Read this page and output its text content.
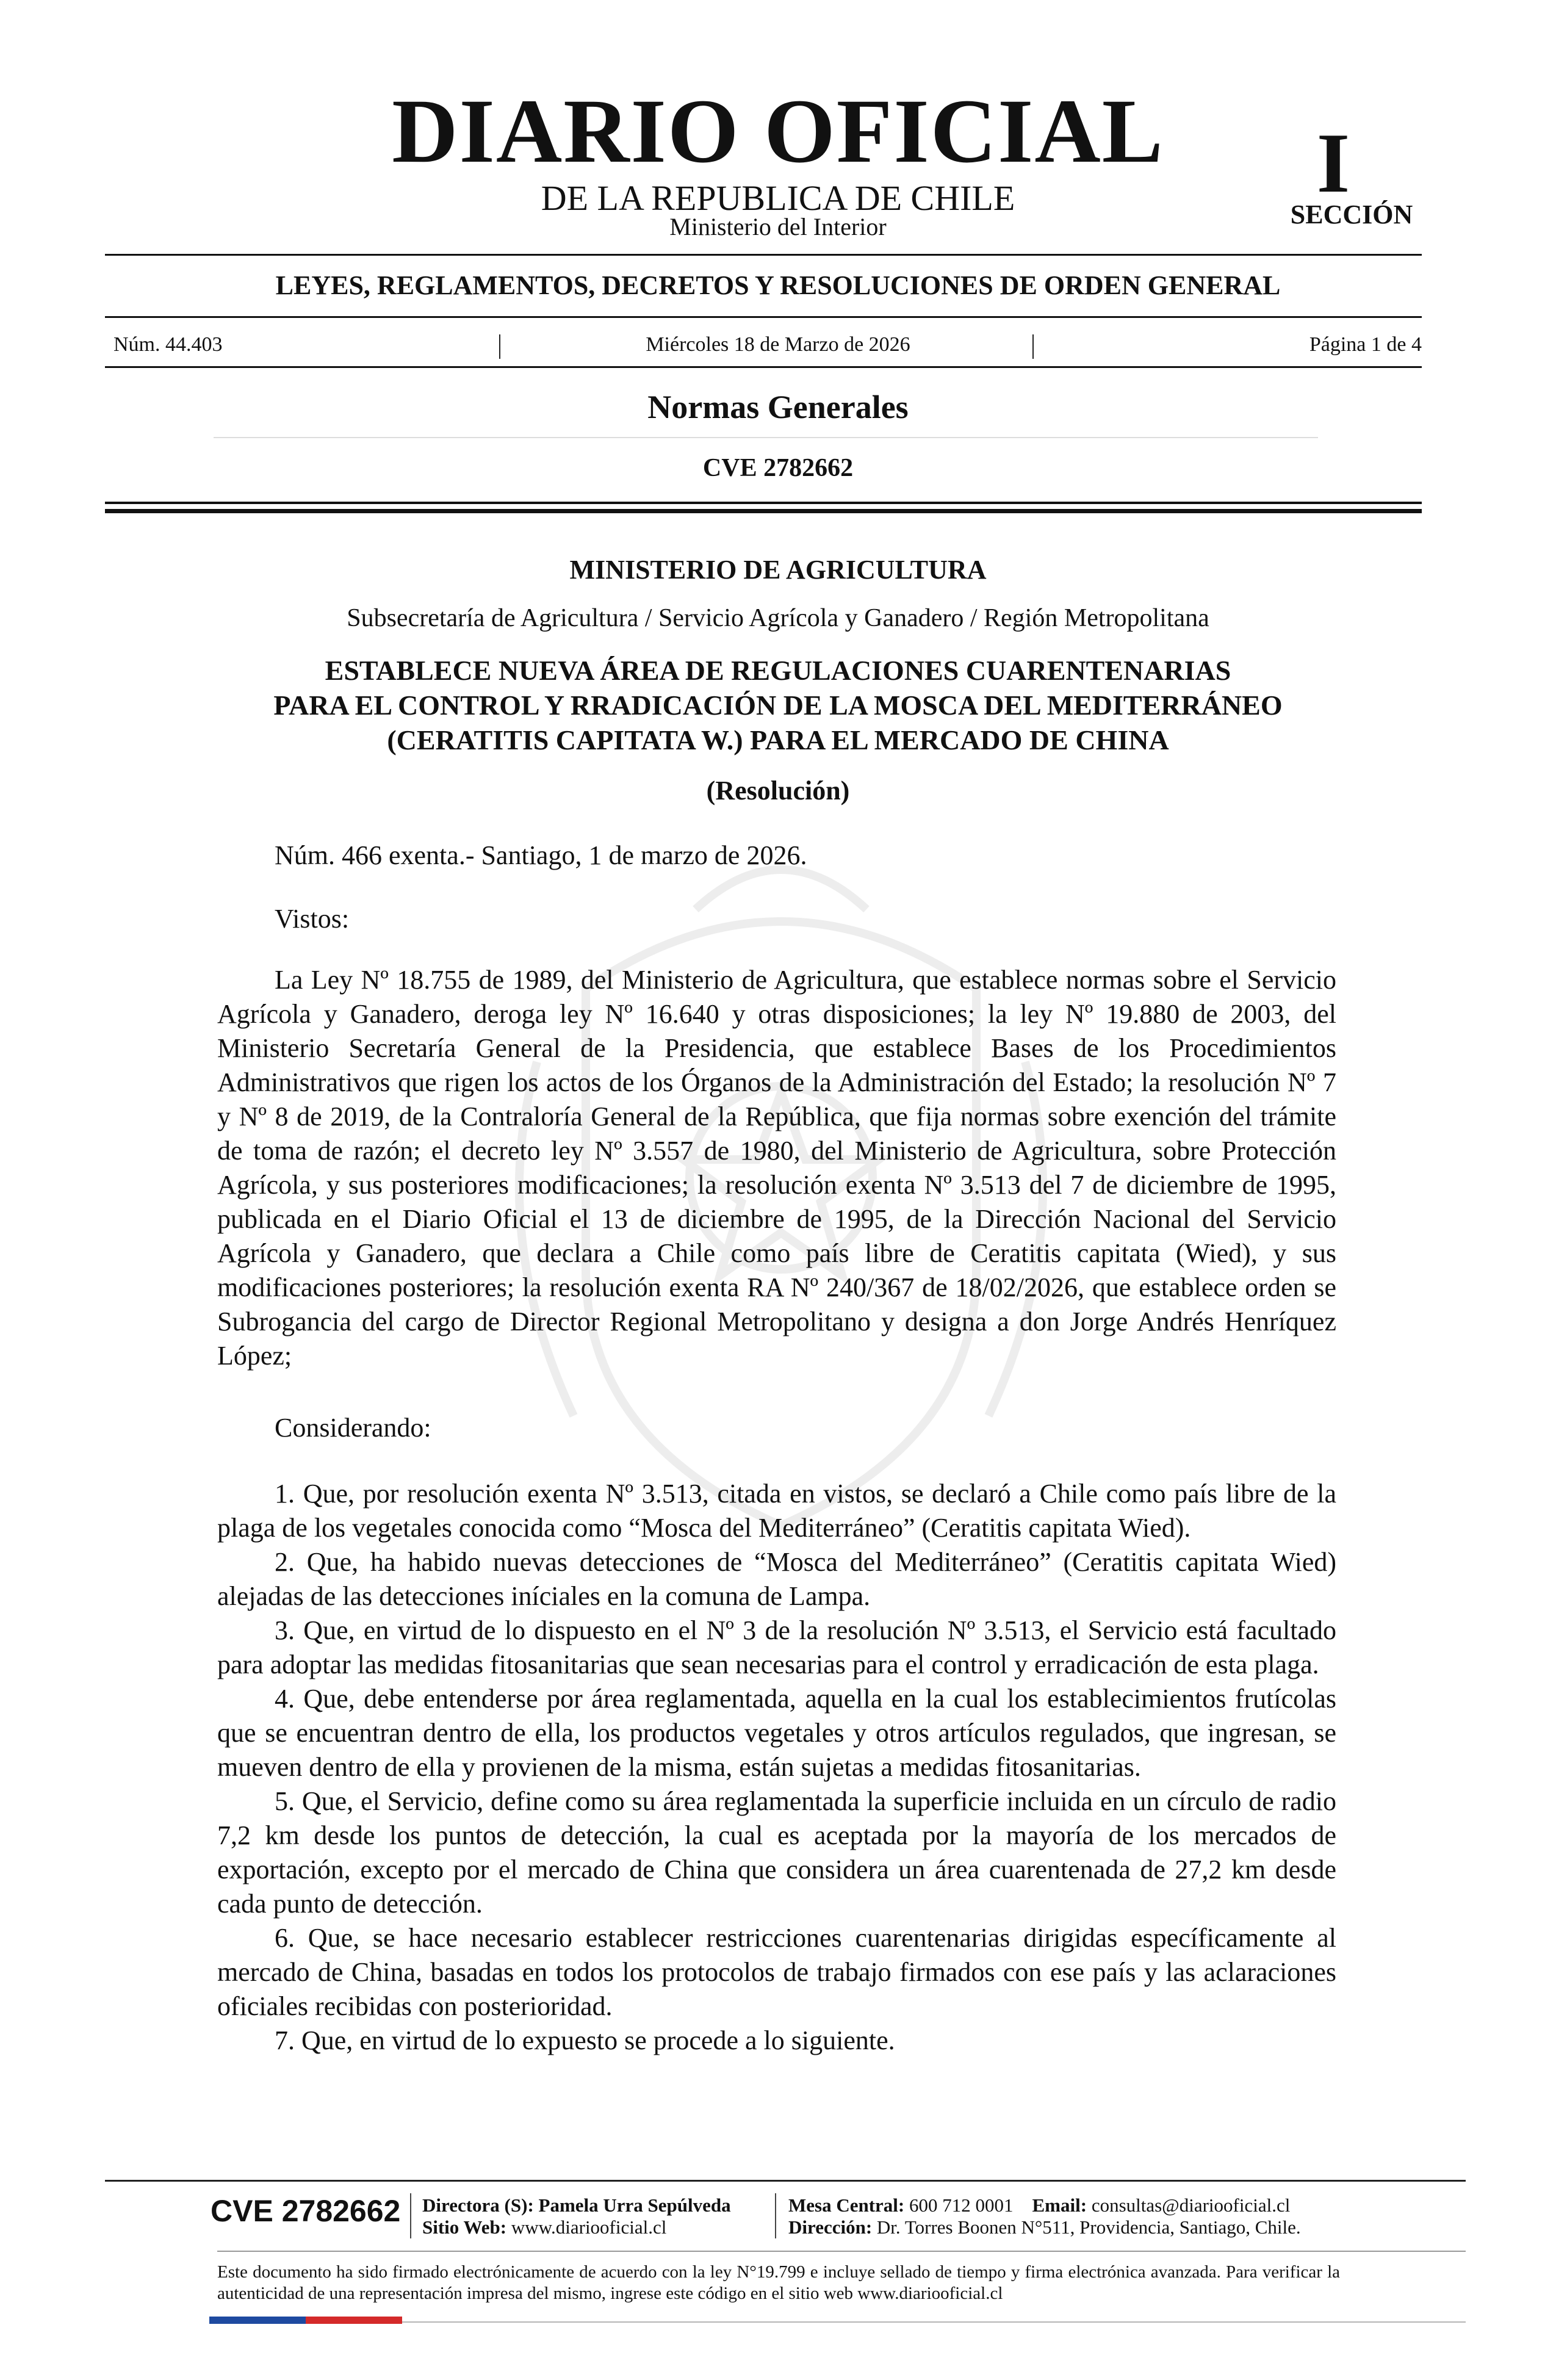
DIARIO OFICIAL
DE LA REPUBLICA DE CHILE
Ministerio del Interior
I
SECCIÓN
LEYES, REGLAMENTOS, DECRETOS Y RESOLUCIONES DE ORDEN GENERAL
Núm. 44.403	Miércoles 18 de Marzo de 2026	Página 1 de 4
Normas Generales
CVE 2782662
MINISTERIO DE AGRICULTURA
Subsecretaría de Agricultura / Servicio Agrícola y Ganadero / Región Metropolitana
ESTABLECE NUEVA ÁREA DE REGULACIONES CUARENTENARIAS
PARA EL CONTROL Y RRADICACIÓN DE LA MOSCA DEL MEDITERRÁNEO
(CERATITIS CAPITATA W.) PARA EL MERCADO DE CHINA
(Resolución)
Núm. 466 exenta.- Santiago, 1 de marzo de 2026.
Vistos:
La Ley Nº 18.755 de 1989, del Ministerio de Agricultura, que establece normas sobre el Servicio Agrícola y Ganadero, deroga ley Nº 16.640 y otras disposiciones; la ley Nº 19.880 de 2003, del Ministerio Secretaría General de la Presidencia, que establece Bases de los Procedimientos Administrativos que rigen los actos de los Órganos de la Administración del Estado; la resolución Nº 7 y Nº 8 de 2019, de la Contraloría General de la República, que fija normas sobre exención del trámite de toma de razón; el decreto ley Nº 3.557 de 1980, del Ministerio de Agricultura, sobre Protección Agrícola, y sus posteriores modificaciones; la resolución exenta Nº 3.513 del 7 de diciembre de 1995, publicada en el Diario Oficial el 13 de diciembre de 1995, de la Dirección Nacional del Servicio Agrícola y Ganadero, que declara a Chile como país libre de Ceratitis capitata (Wied), y sus modificaciones posteriores; la resolución exenta RA Nº 240/367 de 18/02/2026, que establece orden se Subrogancia del cargo de Director Regional Metropolitano y designa a don Jorge Andrés Henríquez López;
Considerando:

1. Que, por resolución exenta Nº 3.513, citada en vistos, se declaró a Chile como país libre de la plaga de los vegetales conocida como “Mosca del Mediterráneo” (Ceratitis capitata Wied).

2. Que, ha habido nuevas detecciones de “Mosca del Mediterráneo” (Ceratitis capitata Wied) alejadas de las detecciones iníciales en la comuna de Lampa.

3. Que, en virtud de lo dispuesto en el Nº 3 de la resolución Nº 3.513, el Servicio está facultado para adoptar las medidas fitosanitarias que sean necesarias para el control y erradicación de esta plaga.

4. Que, debe entenderse por área reglamentada, aquella en la cual los establecimientos frutícolas que se encuentran dentro de ella, los productos vegetales y otros artículos regulados, que ingresan, se mueven dentro de ella y provienen de la misma, están sujetas a medidas fitosanitarias.

5. Que, el Servicio, define como su área reglamentada la superficie incluida en un círculo de radio 7,2 km desde los puntos de detección, la cual es aceptada por la mayoría de los mercados de exportación, excepto por el mercado de China que considera un área cuarentenada de 27,2 km desde cada punto de detección.

6. Que, se hace necesario establecer restricciones cuarentenarias dirigidas específicamente al mercado de China, basadas en todos los protocolos de trabajo firmados con ese país y las aclaraciones oficiales recibidas con posterioridad.

7. Que, en virtud de lo expuesto se procede a lo siguiente.

CVE 2782662 Directora (S): Pamela Urra Sepúlveda
Sitio Web: www.diariooficial.cl
Mesa Central: 600 712 0001 Email: consultas@diariooficial.cl
Dirección: Dr. Torres Boonen N°511, Providencia, Santiago, Chile.
Este documento ha sido firmado electrónicamente de acuerdo con la ley N°19.799 e incluye sellado de tiempo y firma electrónica avanzada. Para verificar la autenticidad de una representación impresa del mismo, ingrese este código en el sitio web www.diariooficial.cl
